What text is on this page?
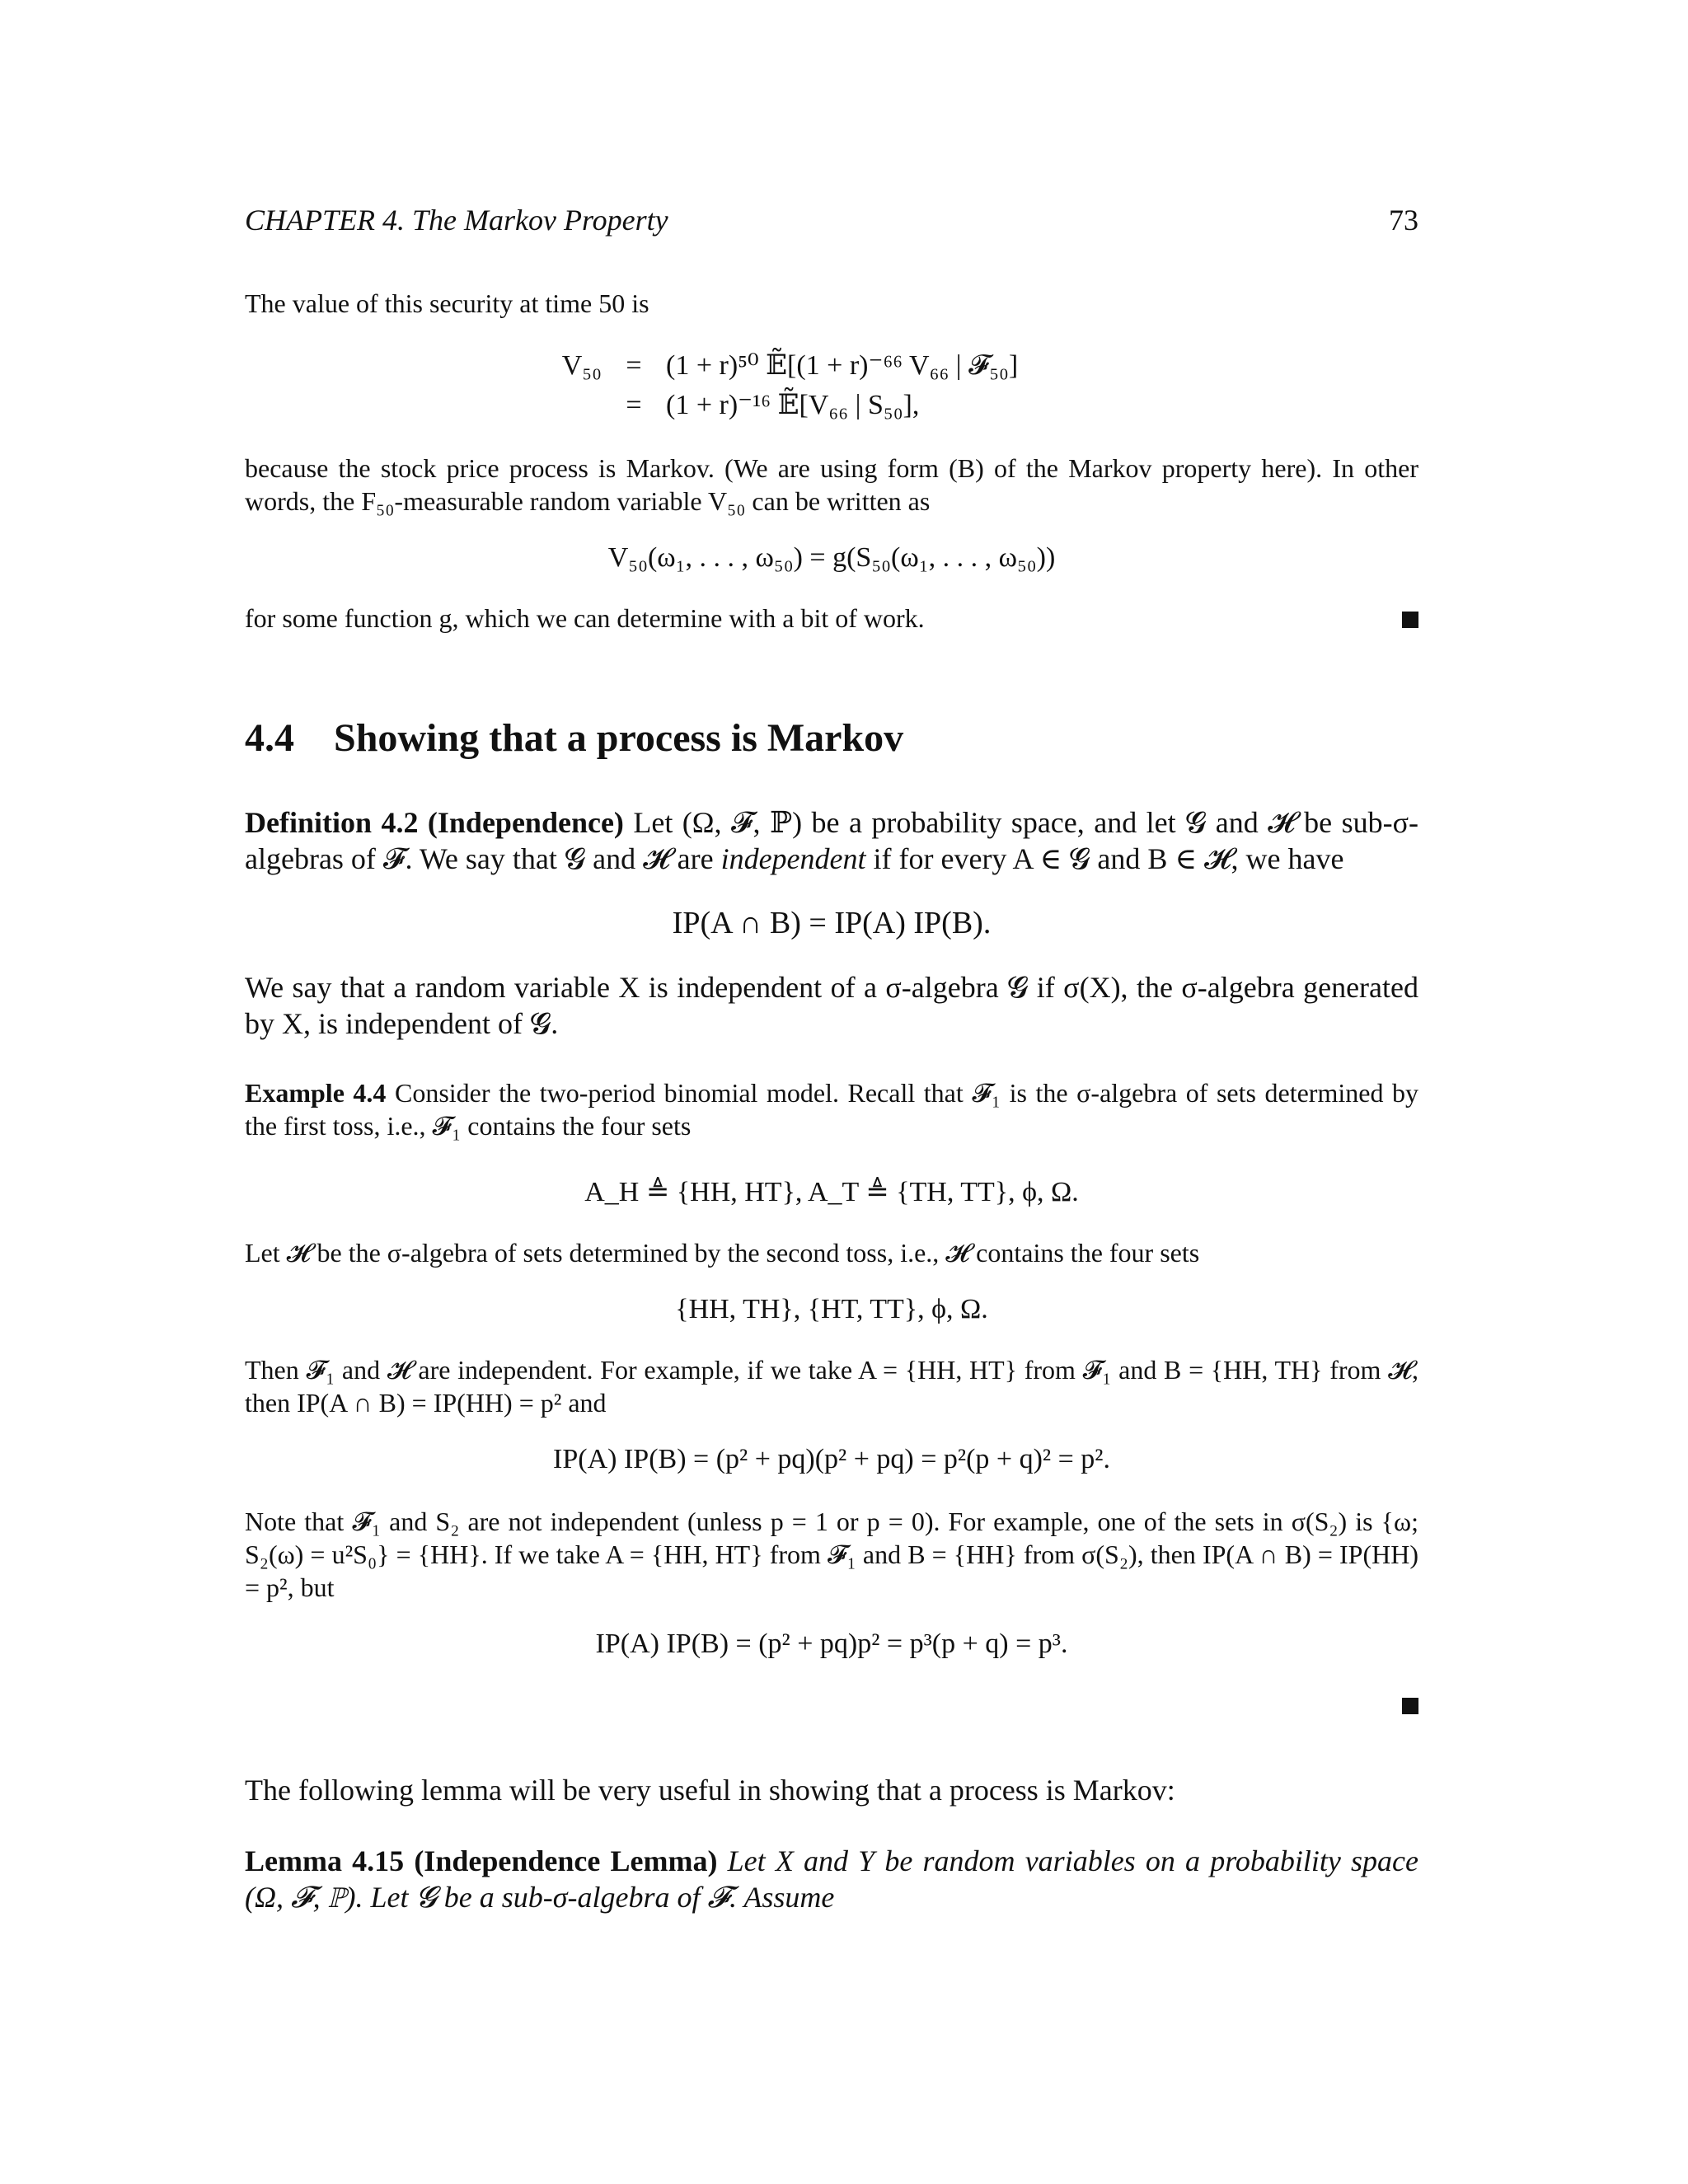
CHAPTER 4. The Markov Property	73
The value of this security at time 50 is
V₅₀ = (1 + r)⁵⁰ 𝔼̃[(1 + r)⁻⁶⁶ V₆₆ | 𝓕₅₀]
= (1 + r)⁻¹⁶ 𝔼̃[V₆₆ | S₅₀],
because the stock price process is Markov. (We are using form (B) of the Markov property here). In other words, the F₅₀-measurable random variable V₅₀ can be written as
V₅₀(ω₁, . . . , ω₅₀) = g(S₅₀(ω₁, . . . , ω₅₀))
for some function g, which we can determine with a bit of work.
4.4 Showing that a process is Markov
Definition 4.2 (Independence) Let (Ω, 𝓕, ℙ) be a probability space, and let 𝓖 and 𝓗 be sub-σ-algebras of 𝓕. We say that 𝓖 and 𝓗 are independent if for every A ∈ 𝓖 and B ∈ 𝓗, we have
IP(A ∩ B) = IP(A) IP(B).
We say that a random variable X is independent of a σ-algebra 𝓖 if σ(X), the σ-algebra generated by X, is independent of 𝓖.
Example 4.4 Consider the two-period binomial model. Recall that 𝓕₁ is the σ-algebra of sets determined by the first toss, i.e., 𝓕₁ contains the four sets
A_H ≜ {HH, HT}, A_T ≜ {TH, TT}, ϕ, Ω.
Let 𝓗 be the σ-algebra of sets determined by the second toss, i.e., 𝓗 contains the four sets
{HH, TH}, {HT, TT}, ϕ, Ω.
Then 𝓕₁ and 𝓗 are independent. For example, if we take A = {HH, HT} from 𝓕₁ and B = {HH, TH} from 𝓗, then IP(A ∩ B) = IP(HH) = p² and
IP(A) IP(B) = (p² + pq)(p² + pq) = p²(p + q)² = p².
Note that 𝓕₁ and S₂ are not independent (unless p = 1 or p = 0). For example, one of the sets in σ(S₂) is {ω; S₂(ω) = u²S₀} = {HH}. If we take A = {HH, HT} from 𝓕₁ and B = {HH} from σ(S₂), then IP(A ∩ B) = IP(HH) = p², but
IP(A) IP(B) = (p² + pq)p² = p³(p + q) = p³.
The following lemma will be very useful in showing that a process is Markov:
Lemma 4.15 (Independence Lemma) Let X and Y be random variables on a probability space (Ω, 𝓕, ℙ). Let 𝓖 be a sub-σ-algebra of 𝓕. Assume
